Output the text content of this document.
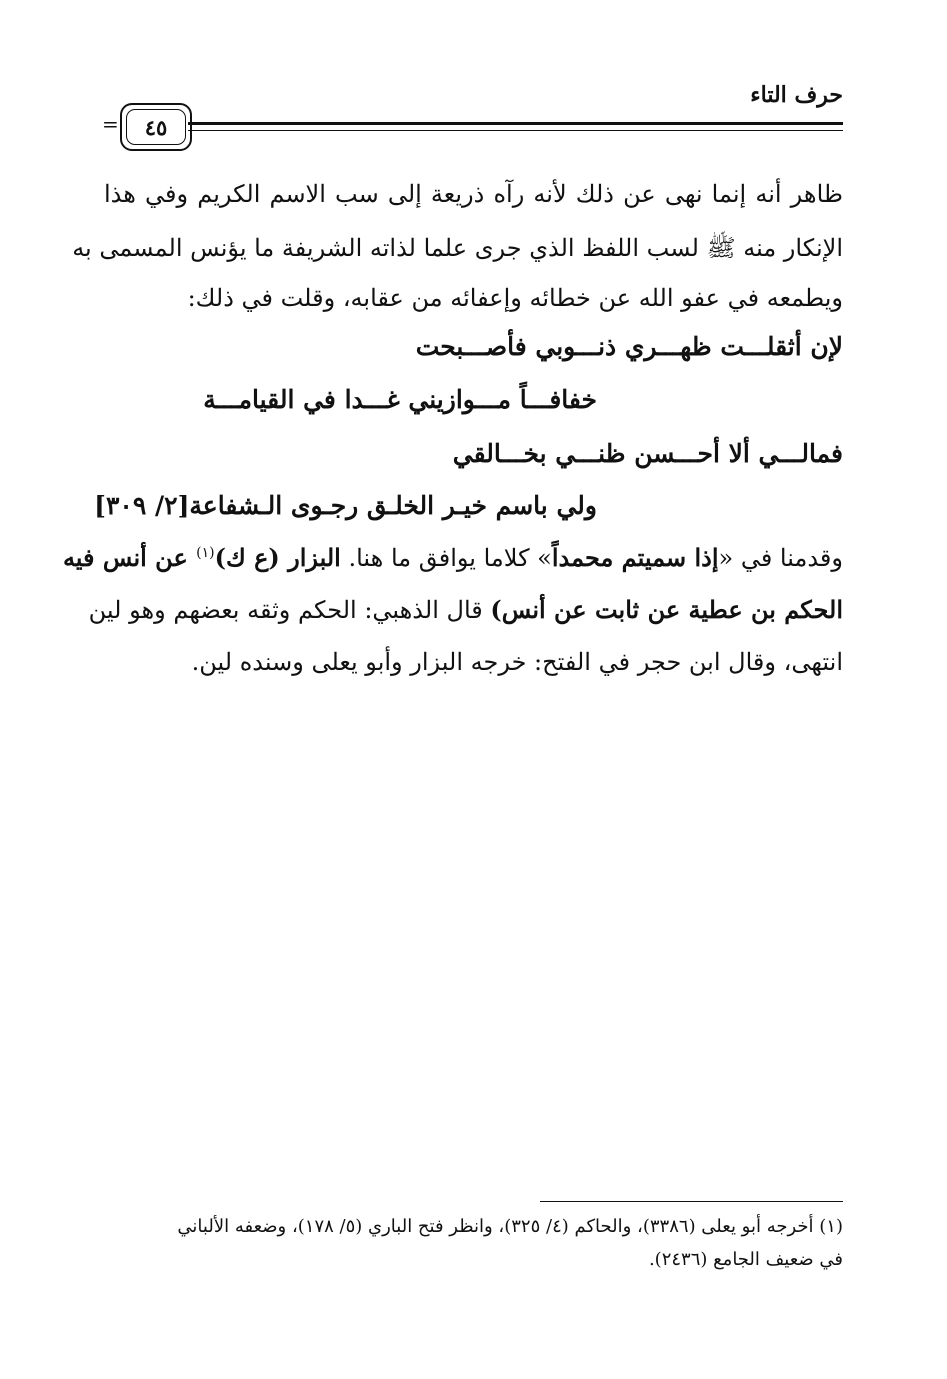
حرف التاء
٤٥
=
ظاهر أنه إنما نهى عن ذلك لأنه رآه ذريعة إلى سب الاسم الكريم وفي هذا
الإنكار منه ﷺ لسب اللفظ الذي جرى علما لذاته الشريفة ما يؤنس المسمى به
ويطمعه في عفو الله عن خطائه وإعفائه من عقابه، وقلت في ذلك:
لإن أثقلـــت ظهـــري ذنـــوبي فأصـــبحت
خفافـــاً مـــوازيني غـــدا في القيامـــة
فمالـــي ألا أحـــسن ظنـــي بخـــالقي
ولي باسم خيـر الخلـق رجـوى الـشفاعة[٢/ ٣٠٩]
وقدمنا في «إذا سميتم محمداً» كلاما يوافق ما هنا. البزار (ع ك)$^{(١)}$ عن أنس فيه
الحكم بن عطية عن ثابت عن أنس) قال الذهبي: الحكم وثقه بعضهم وهو لين
انتهى، وقال ابن حجر في الفتح: خرجه البزار وأبو يعلى وسنده لين.
(١) أخرجه أبو يعلى (٣٣٨٦)، والحاكم (٤/ ٣٢٥)، وانظر فتح الباري (٥/ ١٧٨)، وضعفه الألباني
في ضعيف الجامع (٢٤٣٦).
